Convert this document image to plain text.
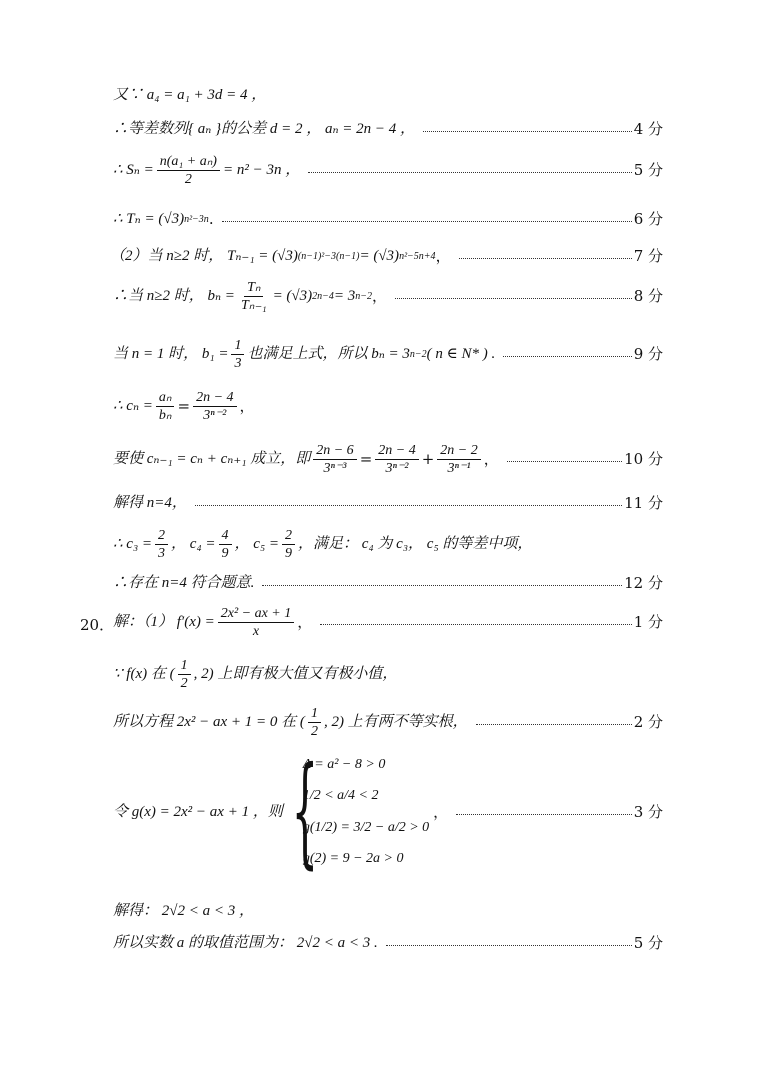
又∵ a₄ = a₁ + 3d = 4 ，
∴等差数列{ aₙ }的公差 d = 2 ， aₙ = 2n − 4 ，	4 分
∴ $S_n = \frac{\text{n(a₁ + aₙ)}}{2} = n^2 - 3n$ ，	5 分
∴ Tₙ = (√3) n²−3n .	6 分
（2）当 n≥2 时， Tₙ₋₁ = (√3) (n−1)²−3(n−1) = (√3) n²−5n+4 ，	7 分
∴当 n≥2 时， $b_n = \frac{\text{Tₙ}}{\text{Tₙ₋₁}} = (√3) 2n-4 = 3$ n−2 ，	8 分
当 n = 1 时， $b_1 = \frac{1}{3}$ 也满足上式，所以 bₙ = 3 n−2 ( n ∈ N* ) .	9 分
∴ $c_n = \frac{\text{aₙ}}{\text{bₙ}} = \frac{2n - 4}{\text{3ⁿ⁻²}}$ ，
要使 cₙ₋₁ = cₙ + cₙ₊₁ 成立，即 $\frac{2n - 6}{\text{3ⁿ⁻³}} = \frac{2n - 4}{\text{3ⁿ⁻²}} + \frac{2n - 2}{\text{3ⁿ⁻¹}}$ ，	10 分
解得 n=4，	11 分
∴ $c_3 = \frac{2}{3}$ ， $c_4 = \frac{4}{9}$ ， $c_5 = \frac{2}{9}$ ，满足： c₄ 为 c₃， c₅ 的等差中项，
∴存在 n=4 符合题意.	12 分
20．
解：（1） $f'(x) = \frac{\text{2x² − ax + 1}}{x}$ ，	1 分
∵ f(x) 在 ( $\frac{1}{2}$ , 2) 上即有极大值又有极小值，
所以方程 2x² − ax + 1 = 0 在 ( $\frac{1}{2}$ , 2) 上有两不等实根，	2 分
令 g(x) = 2x² − ax + 1 ，则 {
Δ = a² − 8 > 0
1/2 < a/4 < 2
g(1/2) = 3/2 − a/2 > 0
g(2) = 9 − 2a > 0
，	3 分
解得： 2√2 < a < 3 ，
所以实数 a 的取值范围为： 2√2 < a < 3 .	5 分
